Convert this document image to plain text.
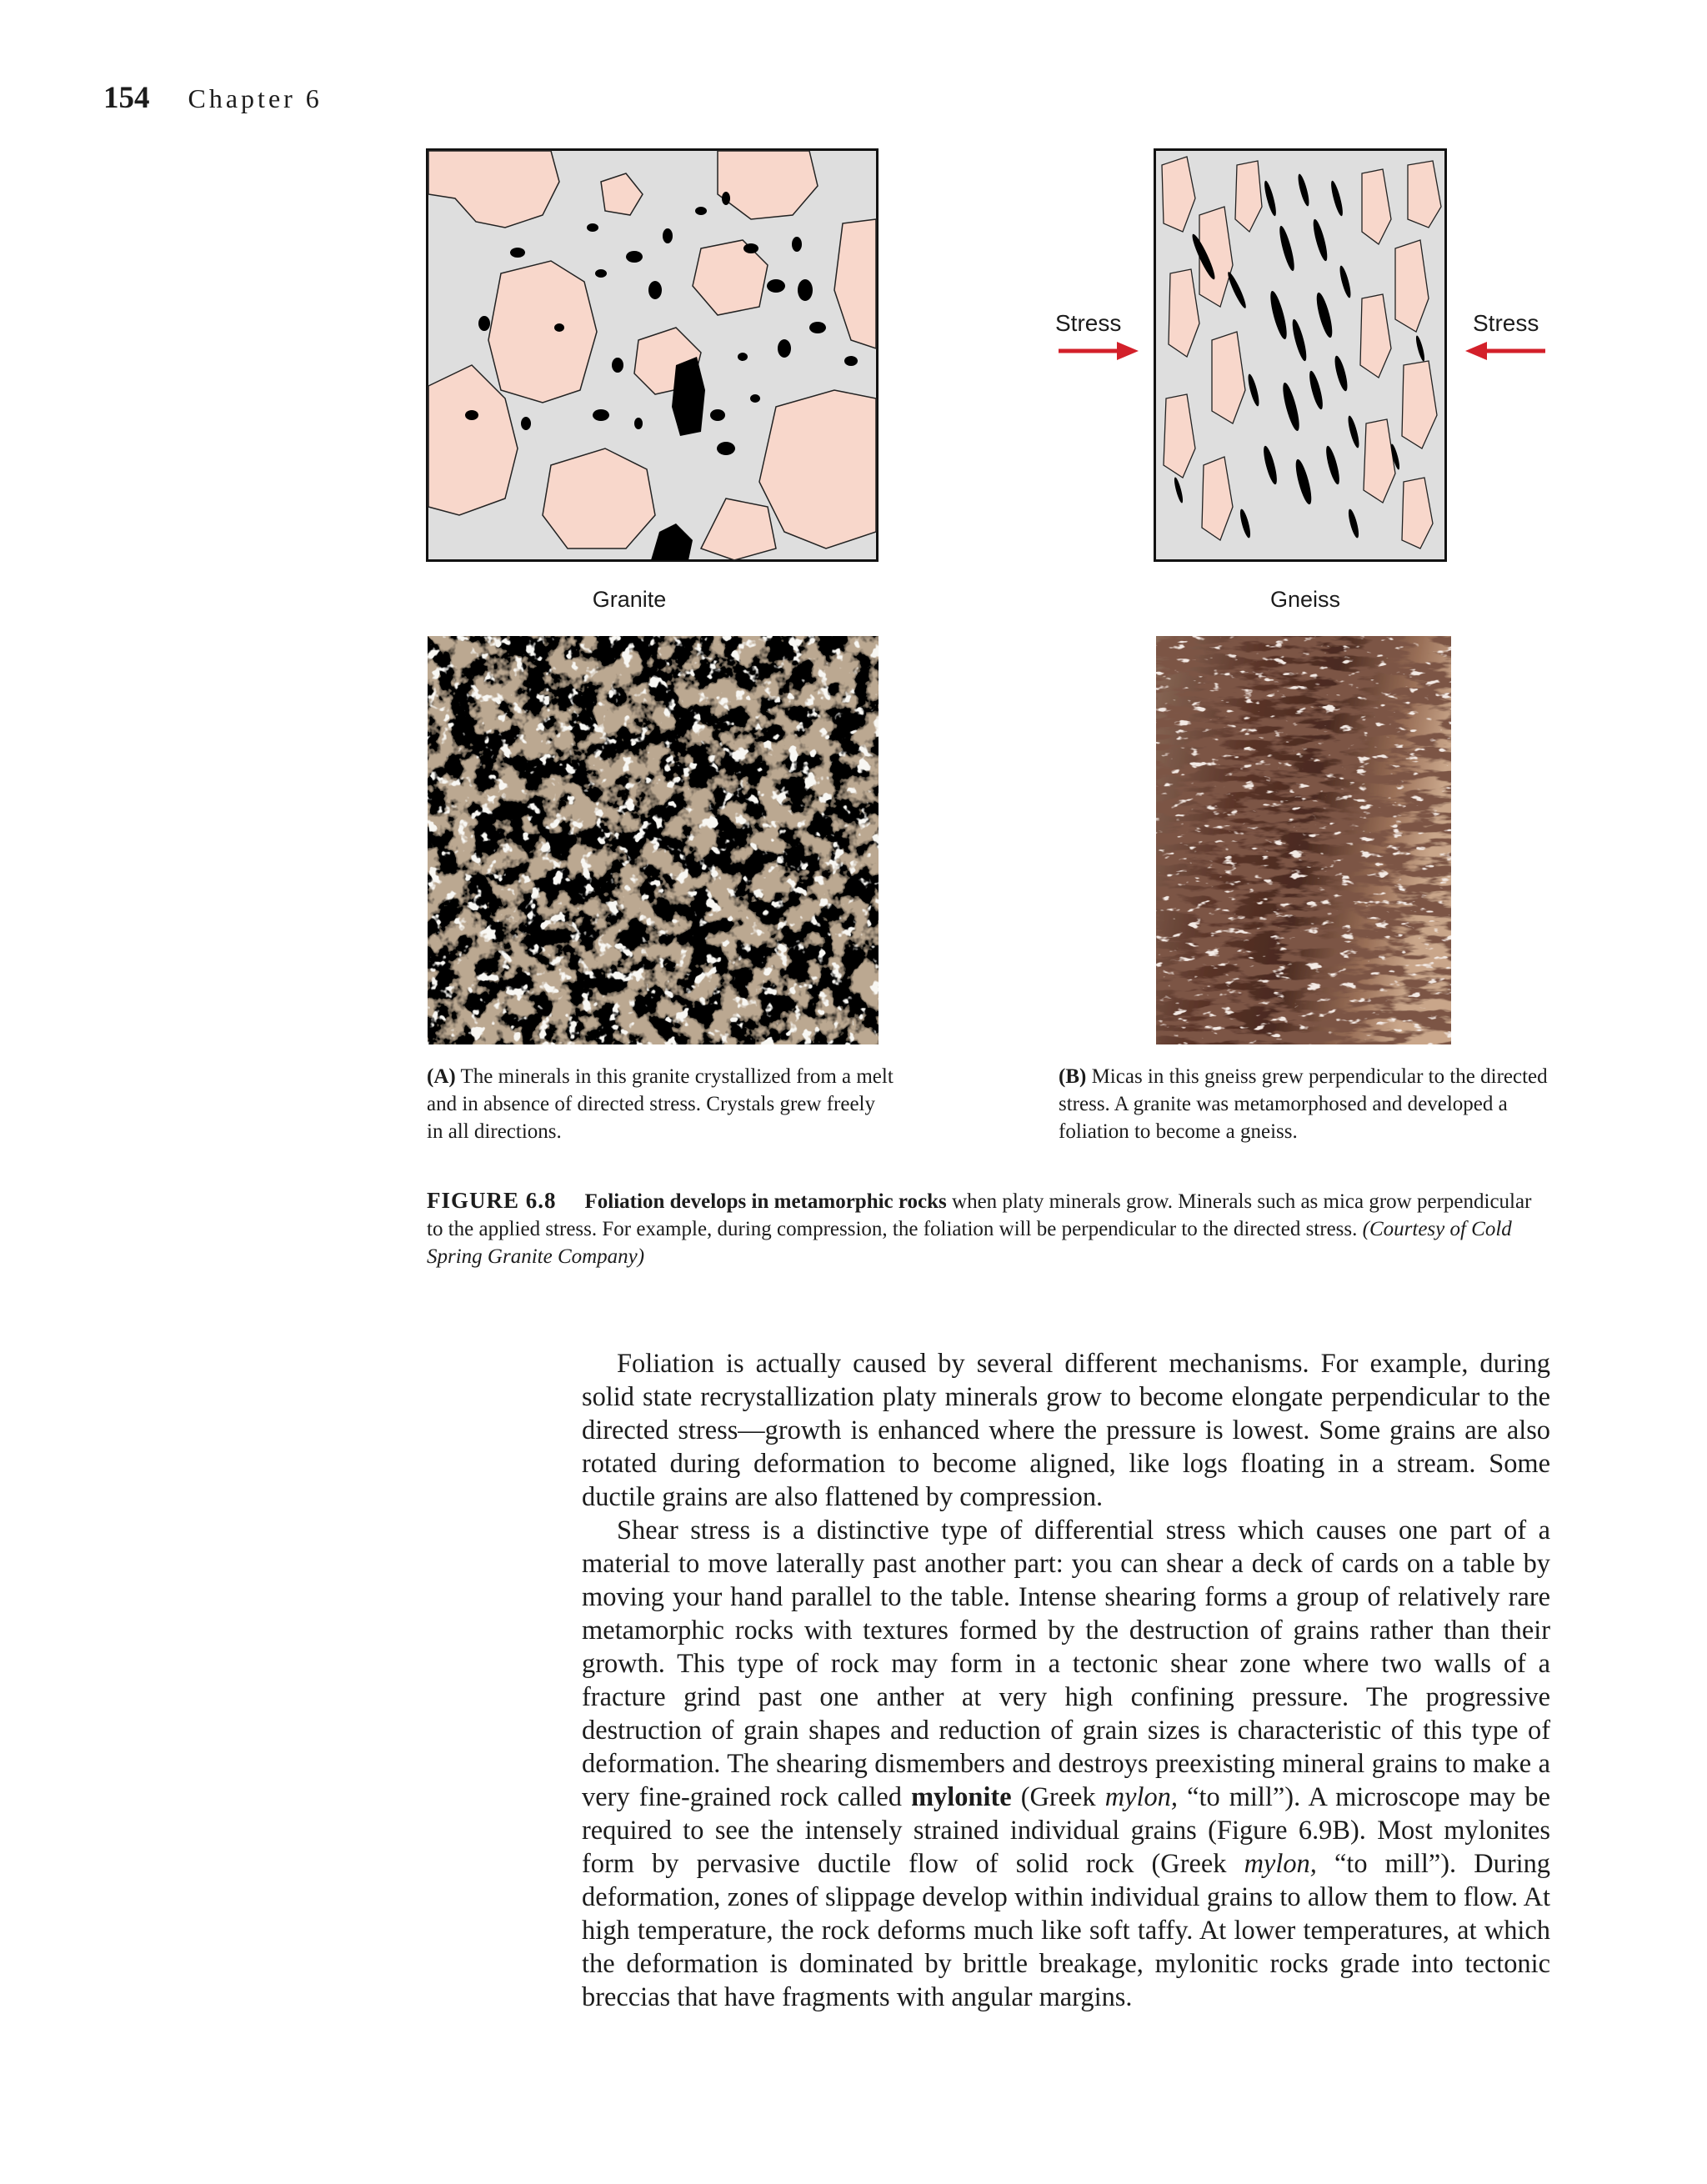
154 Chapter 6
Granite
Stress	Stress
Gneiss
(A) The minerals in this granite crystallized from a melt and in absence of directed stress. Crystals grew freely in all directions.
(B) Micas in this gneiss grew perpendicular to the directed stress. A granite was metamorphosed and developed a foliation to become a gneiss.
FIGURE 6.8 Foliation develops in metamorphic rocks when platy minerals grow. Minerals such as mica grow perpendicular to the applied stress. For example, during compression, the foliation will be perpendicular to the directed stress. (Courtesy of Cold Spring Granite Company)

Foliation is actually caused by several different mechanisms. For example, during solid state recrystallization platy minerals grow to become elongate perpendicular to the directed stress—growth is enhanced where the pressure is lowest. Some grains are also rotated during deformation to become aligned, like logs floating in a stream. Some ductile grains are also flattened by compression.

Shear stress is a distinctive type of differential stress which causes one part of a material to move laterally past another part: you can shear a deck of cards on a table by moving your hand parallel to the table. Intense shearing forms a group of relatively rare metamorphic rocks with textures formed by the destruction of grains rather than their growth. This type of rock may form in a tectonic shear zone where two walls of a fracture grind past one anther at very high confining pressure. The progressive destruction of grain shapes and reduction of grain sizes is characteristic of this type of deformation. The shearing dismembers and destroys preexisting mineral grains to make a very fine-grained rock called mylonite (Greek mylon, “to mill”). A microscope may be required to see the intensely strained individual grains (Figure 6.9B). Most mylonites form by pervasive ductile flow of solid rock (Greek mylon, “to mill”). During deformation, zones of slippage develop within individual grains to allow them to flow. At high temperature, the rock deforms much like soft taffy. At lower temperatures, at which the deformation is dominated by brittle breakage, mylonitic rocks grade into tectonic breccias that have fragments with angular margins.
